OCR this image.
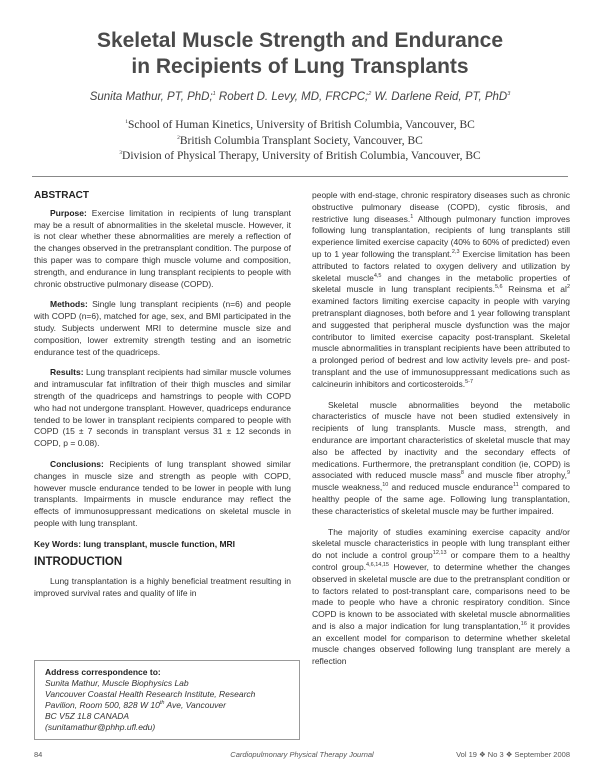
Skeletal Muscle Strength and Endurance
in Recipients of Lung Transplants
Sunita Mathur, PT, PhD;$^1$ Robert D. Levy, MD, FRCPC;$^2$ W. Darlene Reid, PT, PhD$^3$
$^1$School of Human Kinetics, University of British Columbia, Vancouver, BC
$^2$British Columbia Transplant Society, Vancouver, BC
$^3$Division of Physical Therapy, University of British Columbia, Vancouver, BC
ABSTRACT

Purpose: Exercise limitation in recipients of lung transplant may be a result of abnormalities in the skeletal muscle. However, it is not clear whether these abnormalities are merely a reflection of the changes observed in the pretransplant condition. The purpose of this paper was to compare thigh muscle volume and composition, strength, and endurance in lung transplant recipients to people with chronic obstructive pulmonary disease (COPD).

Methods: Single lung transplant recipients (n=6) and people with COPD (n=6), matched for age, sex, and BMI participated in the study. Subjects underwent MRI to determine muscle size and composition, lower extremity strength testing and an isometric endurance test of the quadriceps.

Results: Lung transplant recipients had similar muscle volumes and intramuscular fat infiltration of their thigh muscles and similar strength of the quadriceps and hamstrings to people with COPD who had not undergone transplant. However, quadriceps endurance tended to be lower in transplant recipients compared to people with COPD (15 ± 7 seconds in transplant versus 31 ± 12 seconds in COPD, p = 0.08).

Conclusions: Recipients of lung transplant showed similar changes in muscle size and strength as people with COPD, however muscle endurance tended to be lower in people with lung transplants. Impairments in muscle endurance may reflect the effects of immunosuppressant medications on skeletal muscle in people with lung transplant.

Key Words: lung transplant, muscle function, MRI
INTRODUCTION

Lung transplantation is a highly beneficial treatment resulting in improved survival rates and quality of life in

people with end-stage, chronic respiratory diseases such as chronic obstructive pulmonary disease (COPD), cystic fibrosis, and restrictive lung diseases.$^1$ Although pulmonary function improves following lung transplantation, recipients of lung transplants still experience limited exercise capacity (40% to 60% of predicted) even up to 1 year following the transplant.$^{2,3}$ Exercise limitation has been attributed to factors related to oxygen delivery and utilization by skeletal muscle$^{4,5}$ and changes in the metabolic properties of skeletal muscle in lung transplant recipients.$^{5,6}$ Reinsma et $al^2$ examined factors limiting exercise capacity in people with varying pretransplant diagnoses, both before and 1 year following transplant and suggested that peripheral muscle dysfunction was the major contributor to limited exercise capacity post-transplant. Skeletal muscle abnormalities in transplant recipients have been attributed to a prolonged period of bedrest and low activity levels pre- and post-transplant and the use of immunosuppressant medications such as calcineurin inhibitors and corticosteroids.$^{5-7}$

Skeletal muscle abnormalities beyond the metabolic characteristics of muscle have not been studied extensively in recipients of lung transplants. Muscle mass, strength, and endurance are important characteristics of skeletal muscle that may also be affected by inactivity and the secondary effects of medications. Furthermore, the pretransplant condition (ie, COPD) is associated with reduced muscle mass$^8$ and muscle fiber atrophy,$^9$ muscle weakness,$^{10}$ and reduced muscle endurance$^{11}$ compared to healthy people of the same age. Following lung transplantation, these characteristics of skeletal muscle may be further impaired.

The majority of studies examining exercise capacity and/or skeletal muscle characteristics in people with lung transplant either do not include a control group$^{12,13}$ or compare them to a healthy control group.$^{4,6,14,15}$ However, to determine whether the changes observed in skeletal muscle are due to the pretransplant condition or to factors related to post-transplant care, comparisons need to be made to people who have a chronic respiratory condition. Since COPD is known to be associated with skeletal muscle abnormalities and is also a major indication for lung transplantation,$^{16}$ it provides an excellent model for comparison to determine whether skeletal muscle changes observed following lung transplant are merely a reflection

Address correspondence to:
Sunita Mathur, Muscle Biophysics Lab
Vancouver Coastal Health Research Institute, Research
Pavilion, Room 500, 828 W 10th Ave, Vancouver
BC V5Z 1L8 CANADA
(sunitamathur@phhp.ufl.edu)
84	Cardiopulmonary Physical Therapy Journal	Vol 19 ❖ No 3 ❖ September 2008
